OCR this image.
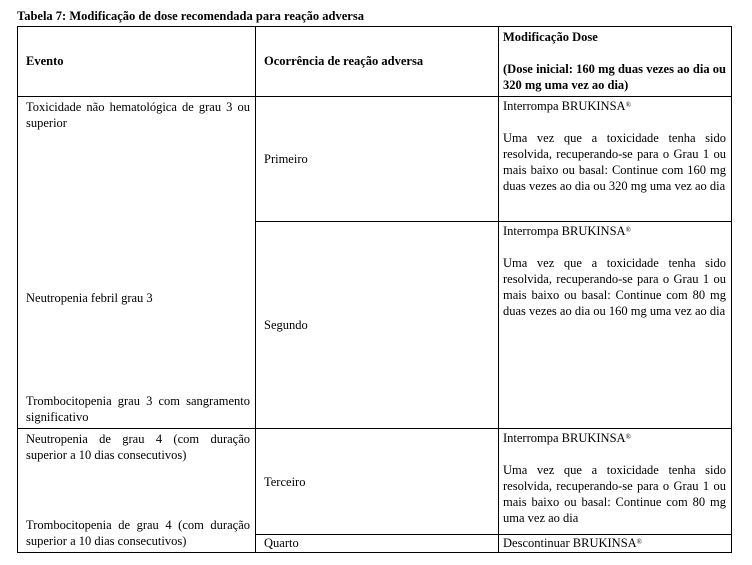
Tabela 7: Modificação de dose recomendada para reação adversa
Evento	Ocorrência de reação adversa
Modificação Dose
(Dose inicial: 160 mg duas vezes ao dia ou 320 mg uma vez ao dia)
Toxicidade não hematológica de grau 3 ou superior
Neutropenia febril grau 3
Trombocitopenia grau 3 com sangramento significativo
Neutropenia de grau 4 (com duração superior a 10 dias consecutivos)
Trombocitopenia de grau 4 (com duração superior a 10 dias consecutivos)
Primeiro
Segundo
Terceiro
Quarto
Interrompa BRUKINSA®
Uma vez que a toxicidade tenha sido resolvida, recuperando-se para o Grau 1 ou mais baixo ou basal: Continue com 160 mg duas vezes ao dia ou 320 mg uma vez ao dia
Interrompa BRUKINSA®
Uma vez que a toxicidade tenha sido resolvida, recuperando-se para o Grau 1 ou mais baixo ou basal: Continue com 80 mg duas vezes ao dia ou 160 mg uma vez ao dia
Interrompa BRUKINSA®
Uma vez que a toxicidade tenha sido resolvida, recuperando-se para o Grau 1 ou mais baixo ou basal: Continue com 80 mg uma vez ao dia
Descontinuar BRUKINSA®
